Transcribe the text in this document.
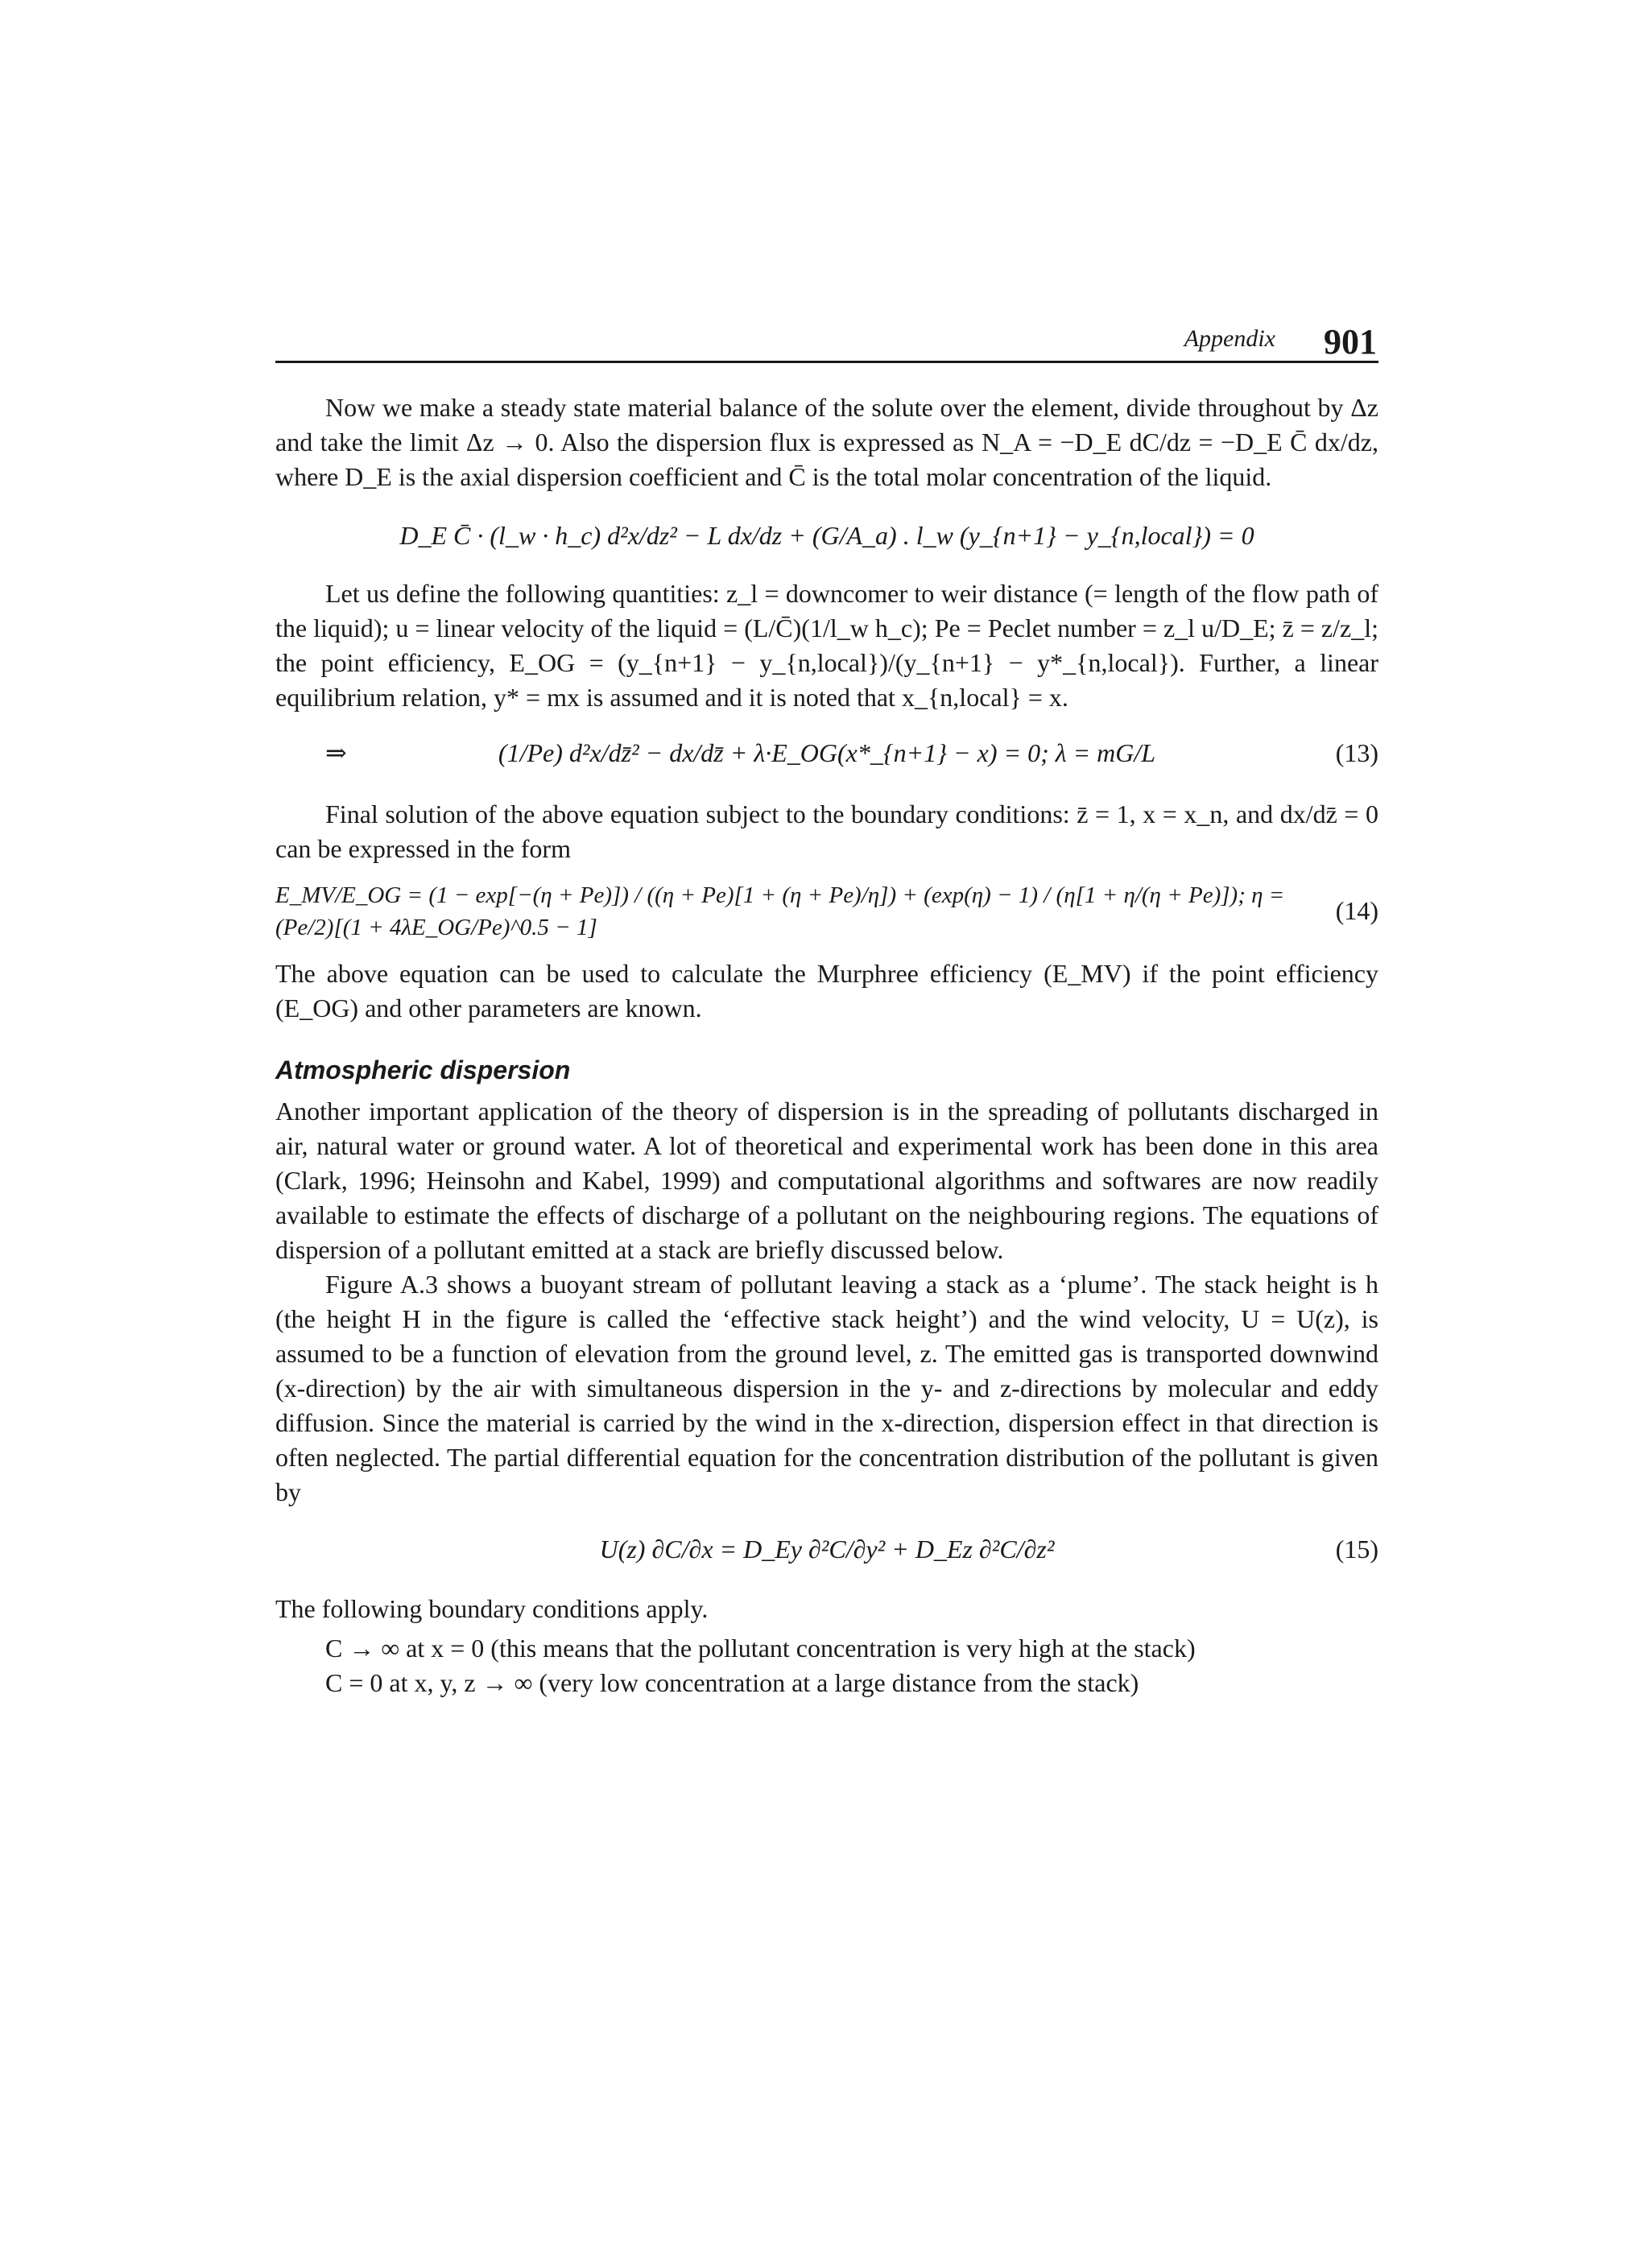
Appendix 901

Now we make a steady state material balance of the solute over the element, divide throughout by Δz and take the limit Δz → 0. Also the dispersion flux is expressed as N_A = −D_E dC/dz = −D_E C̄ dx/dz, where D_E is the axial dispersion coefficient and C̄ is the total molar concentration of the liquid.

D_E C̄ · (l_w · h_c) d²x/dz² − L dx/dz + (G/A_a) . l_w (y_{n+1} − y_{n,local}) = 0

Let us define the following quantities: z_l = downcomer to weir distance (= length of the flow path of the liquid); u = linear velocity of the liquid = (L/C̄)(1/l_w h_c); Pe = Peclet number = z_l u/D_E; z̄ = z/z_l; the point efficiency, E_OG = (y_{n+1} − y_{n,local})/(y_{n+1} − y*_{n,local}). Further, a linear equilibrium relation, y* = mx is assumed and it is noted that x_{n,local} = x.

⇒	(1/Pe) d²x/dz̄² − dx/dz̄ + λ·E_OG(x*_{n+1} − x) = 0; λ = mG/L	(13)

Final solution of the above equation subject to the boundary conditions: z̄ = 1, x = x_n, and dx/dz̄ = 0 can be expressed in the form

E_MV/E_OG = (1 − exp[−(η + Pe)]) / ((η + Pe)[1 + (η + Pe)/η]) + (exp(η) − 1) / (η[1 + η/(η + Pe)]); η = (Pe/2)[(1 + 4λE_OG/Pe)^0.5 − 1]
(14)

The above equation can be used to calculate the Murphree efficiency (E_MV) if the point efficiency (E_OG) and other parameters are known.

Atmospheric dispersion

Another important application of the theory of dispersion is in the spreading of pollutants discharged in air, natural water or ground water. A lot of theoretical and experimental work has been done in this area (Clark, 1996; Heinsohn and Kabel, 1999) and computational algorithms and softwares are now readily available to estimate the effects of discharge of a pollutant on the neighbouring regions. The equations of dispersion of a pollutant emitted at a stack are briefly discussed below.

Figure A.3 shows a buoyant stream of pollutant leaving a stack as a ‘plume’. The stack height is h (the height H in the figure is called the ‘effective stack height’) and the wind velocity, U = U(z), is assumed to be a function of elevation from the ground level, z. The emitted gas is transported downwind (x-direction) by the air with simultaneous dispersion in the y- and z-directions by molecular and eddy diffusion. Since the material is carried by the wind in the x-direction, dispersion effect in that direction is often neglected. The partial differential equation for the concentration distribution of the pollutant is given by

U(z) ∂C/∂x = D_Ey ∂²C/∂y² + D_Ez ∂²C/∂z²	(15)

The following boundary conditions apply.

C → ∞ at x = 0 (this means that the pollutant concentration is very high at the stack)

C = 0 at x, y, z → ∞ (very low concentration at a large distance from the stack)
